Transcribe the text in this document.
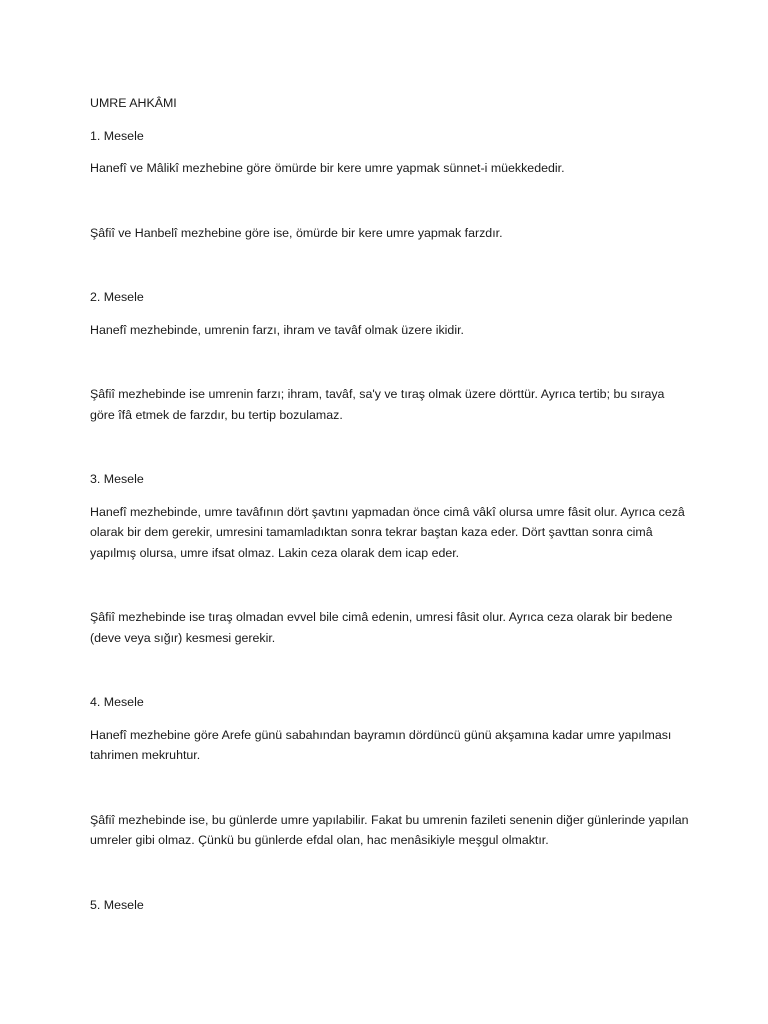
UMRE AHKÂMI

1. Mesele

Hanefî ve Mâlikî mezhebine göre ömürde bir kere umre yapmak sünnet-i müekkededir.

Şâfiî ve Hanbelî mezhebine göre ise, ömürde bir kere umre yapmak farzdır.

2. Mesele

Hanefî mezhebinde, umrenin farzı, ihram ve tavâf olmak üzere ikidir.

Şâfiî mezhebinde ise umrenin farzı; ihram, tavâf, sa'y ve tıraş olmak üzere dörttür. Ayrıca tertib; bu sıraya göre îfâ etmek de farzdır, bu tertip bozulamaz.

3. Mesele

Hanefî mezhebinde, umre tavâfının dört şavtını yapmadan önce cimâ vâkî olursa umre fâsit olur. Ayrıca cezâ olarak bir dem gerekir, umresini tamamladıktan sonra tekrar baştan kaza eder. Dört şavttan sonra cimâ yapılmış olursa, umre ifsat olmaz. Lakin ceza olarak dem icap eder.

Şâfiî mezhebinde ise tıraş olmadan evvel bile cimâ edenin, umresi fâsit olur. Ayrıca ceza olarak bir bedene (deve veya sığır) kesmesi gerekir.

4. Mesele

Hanefî mezhebine göre Arefe günü sabahından bayramın dördüncü günü akşamına kadar umre yapılması tahrimen mekruhtur.

Şâfiî mezhebinde ise, bu günlerde umre yapılabilir. Fakat bu umrenin fazileti senenin diğer günlerinde yapılan umreler gibi olmaz. Çünkü bu günlerde efdal olan, hac menâsikiyle meşgul olmaktır.

5. Mesele
